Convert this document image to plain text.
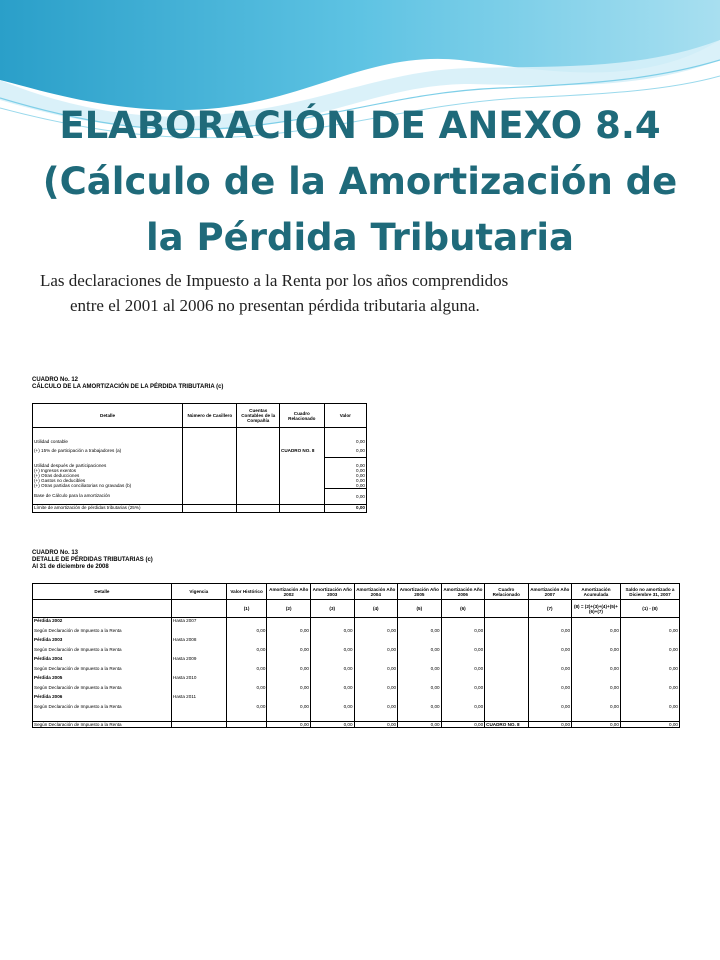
ELABORACIÓN DE ANEXO 8.4
(Cálculo de la Amortización de
la Pérdida Tributaria
Las declaraciones de Impuesto a la Renta por los años comprendidos
entre el 2001 al 2006 no presentan pérdida tributaria alguna.

CUADRO No. 12

CÁLCULO DE LA AMORTIZACIÓN DE LA PÉRDIDA TRIBUTARIA (c)

Detalle	Número de Casillero	Cuentas Contables de la Compañía	Cuadro Relacionado	Valor
Utilidad contable				0,00
(+) 15% de participación a trabajadores (a)			CUADRO NO. 8	0,00
Utilidad después de participaciones				0,00
(+) Ingresos exentos				0,00
(+) Otras deducciones				0,00
(+) Gastos no deducibles				0,00
(+) Otras partidas conciliatorias no gravadas (b)				0,00
Base de Cálculo para la amortización				0,00
Límite de amortización de pérdidas tributarias (25%)				0,00

CUADRO No. 13

DETALLE DE PÉRDIDAS TRIBUTARIAS (c)

Al 31 de diciembre de 2008

Detalle	Vigencia	Valor Histórico	Amortización Año 2002	Amortización Año 2003	Amortización Año 2004	Amortización Año 2005	Amortización Año 2006	Cuadro Relacionado	Amortización Año 2007	Amortización Acumulada	Saldo no amortizado a Diciembre 31, 2007
		(1)	(2)	(3)	(4)	(5)	(6)		(7)	(8) = (2)+(3)+(4)+(5)+(6)+(7)	(1) - (8)
Pérdida 2002	Hasta 2007										
Según Declaración de Impuesto a la Renta		0,00	0,00	0,00	0,00	0,00	0,00		0,00	0,00	0,00
Pérdida 2003	Hasta 2008										
Según Declaración de Impuesto a la Renta		0,00	0,00	0,00	0,00	0,00	0,00		0,00	0,00	0,00
Pérdida 2004	Hasta 2009										
Según Declaración de Impuesto a la Renta		0,00	0,00	0,00	0,00	0,00	0,00		0,00	0,00	0,00
Pérdida 2005	Hasta 2010										
Según Declaración de Impuesto a la Renta		0,00	0,00	0,00	0,00	0,00	0,00		0,00	0,00	0,00
Pérdida 2006	Hasta 2011										
Según Declaración de Impuesto a la Renta		0,00	0,00	0,00	0,00	0,00	0,00		0,00	0,00	0,00

Según Declaración de Impuesto a la Renta			0,00	0,00	0,00	0,00	0,00	CUADRO NO. 8	0,00	0,00	0,00
